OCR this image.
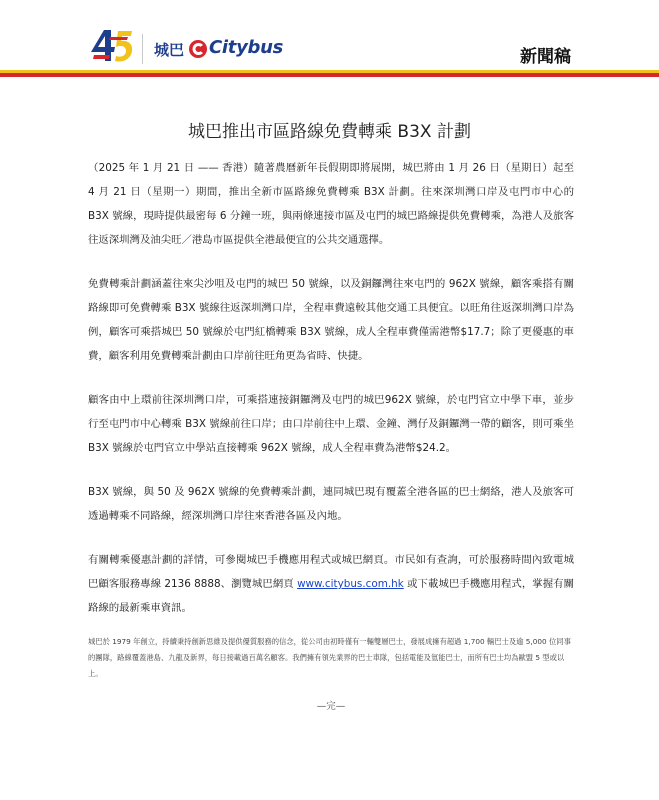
城巴 Citybus	新聞稿
城巴推出市區路線免費轉乘 B3X 計劃

（2025 年 1 月 21 日 —— 香港）隨著農曆新年長假期即將展開，城巴將由 1 月 26 日（星期日）起至 4 月 21 日（星期一）期間，推出全新市區路線免費轉乘 B3X 計劃。往來深圳灣口岸及屯門市中心的 B3X 號線，現時提供最密每 6 分鐘一班，與兩條連接市區及屯門的城巴路線提供免費轉乘，為港人及旅客往返深圳灣及油尖旺／港島市區提供全港最便宜的公共交通選擇。

免費轉乘計劃涵蓋往來尖沙咀及屯門的城巴 50 號線，以及銅鑼灣往來屯門的 962X 號線，顧客乘搭有關路線即可免費轉乘 B3X 號線往返深圳灣口岸，全程車費遠較其他交通工具便宜。以旺角往返深圳灣口岸為例，顧客可乘搭城巴 50 號線於屯門紅橋轉乘 B3X 號線，成人全程車費僅需港幣$17.7；除了更優惠的車費，顧客利用免費轉乘計劃由口岸前往旺角更為省時、快捷。

顧客由中上環前往深圳灣口岸，可乘搭連接銅鑼灣及屯門的城巴962X 號線，於屯門官立中學下車，並步行至屯門市中心轉乘 B3X 號線前往口岸；由口岸前往中上環、金鐘、灣仔及銅鑼灣一帶的顧客，則可乘坐 B3X 號線於屯門官立中學站直接轉乘 962X 號線，成人全程車費為港幣$24.2。

B3X 號線，與 50 及 962X 號線的免費轉乘計劃，連同城巴現有覆蓋全港各區的巴士網絡，港人及旅客可透過轉乘不同路線，經深圳灣口岸往來香港各區及內地。

有關轉乘優惠計劃的詳情，可參閱城巴手機應用程式或城巴網頁。市民如有查詢，可於服務時間內致電城巴顧客服務專線 2136 8888、瀏覽城巴網頁 www.citybus.com.hk 或下載城巴手機應用程式，掌握有關路線的最新乘車資訊。

城巴於 1979 年創立，持續秉持創新思維及提供優質服務的信念，從公司由初時僅有一輛雙層巴士，發展成擁有超過 1,700 輛巴士及逾 5,000 位同事的團隊，路線覆蓋港島、九龍及新界，每日接載過百萬名顧客。我們擁有領先業界的巴士車隊，包括電能及氫能巴士，而所有巴士均為歐盟 5 型或以上。
—完—
